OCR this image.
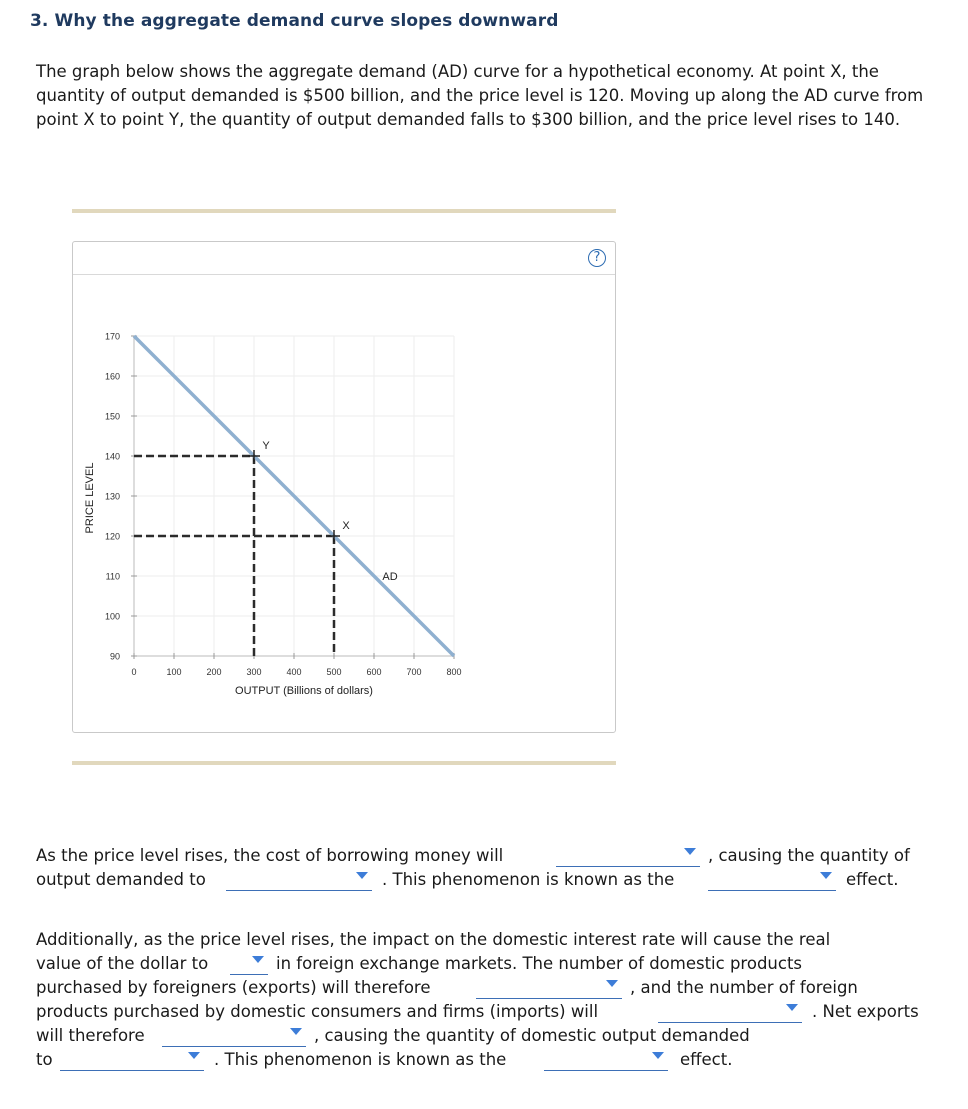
3. Why the aggregate demand curve slopes downward
The graph below shows the aggregate demand (AD) curve for a hypothetical economy. At point X, the quantity of output demanded is $500 billion, and the price level is 120. Moving up along the AD curve from point X to point Y, the quantity of output demanded falls to $300 billion, and the price level rises to 140.
?
0	100	200	300	400	500	600	700	800
90
100
110
120
130
140
150
160
170
OUTPUT (Billions of dollars)
PRICE LEVEL
Y
X
AD
As the price level rises, the cost of borrowing money will	, causing the quantity of
output demanded to	. This phenomenon is known as the	effect.
Additionally, as the price level rises, the impact on the domestic interest rate will cause the real
value of the dollar to	in foreign exchange markets. The number of domestic products
purchased by foreigners (exports) will therefore	, and the number of foreign
products purchased by domestic consumers and firms (imports) will	. Net exports
will therefore	, causing the quantity of domestic output demanded
to	. This phenomenon is known as the	effect.
